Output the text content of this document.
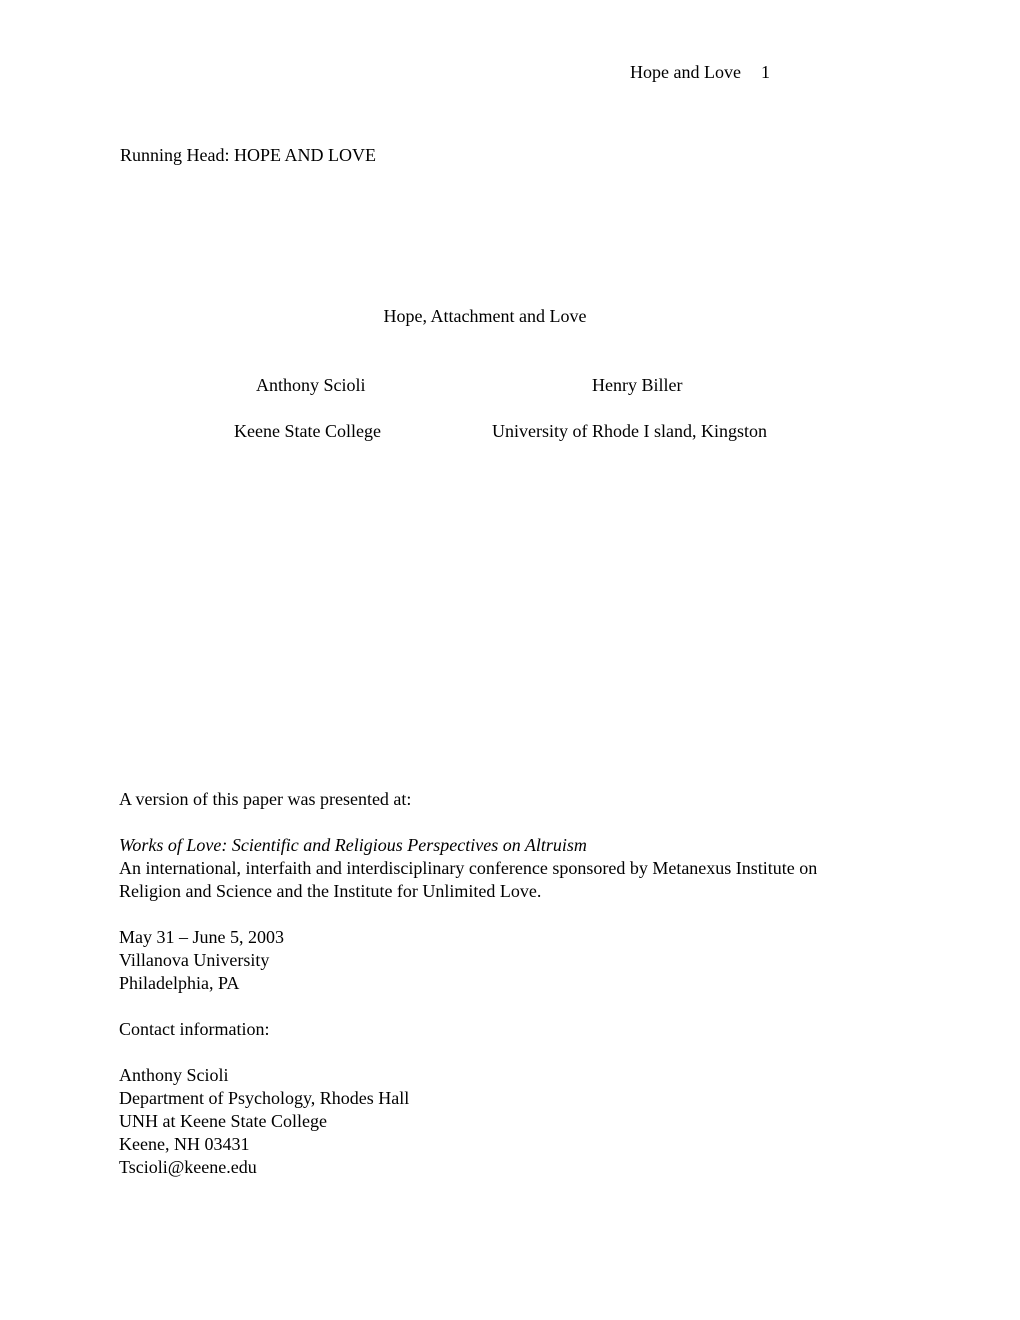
Hope and Love 1
Running Head: HOPE AND LOVE
Hope, Attachment and Love
Anthony Scioli	Henry Biller
Keene State College	University of Rhode I sland, Kingston
A version of this paper was presented at:
Works of Love: Scientific and Religious Perspectives on Altruism
An international, interfaith and interdisciplinary conference sponsored by Metanexus Institute on
Religion and Science and the Institute for Unlimited Love.
May 31 – June 5, 2003
Villanova University
Philadelphia, PA
Contact information:
Anthony Scioli
Department of Psychology, Rhodes Hall
UNH at Keene State College
Keene, NH 03431
Tscioli@keene.edu
